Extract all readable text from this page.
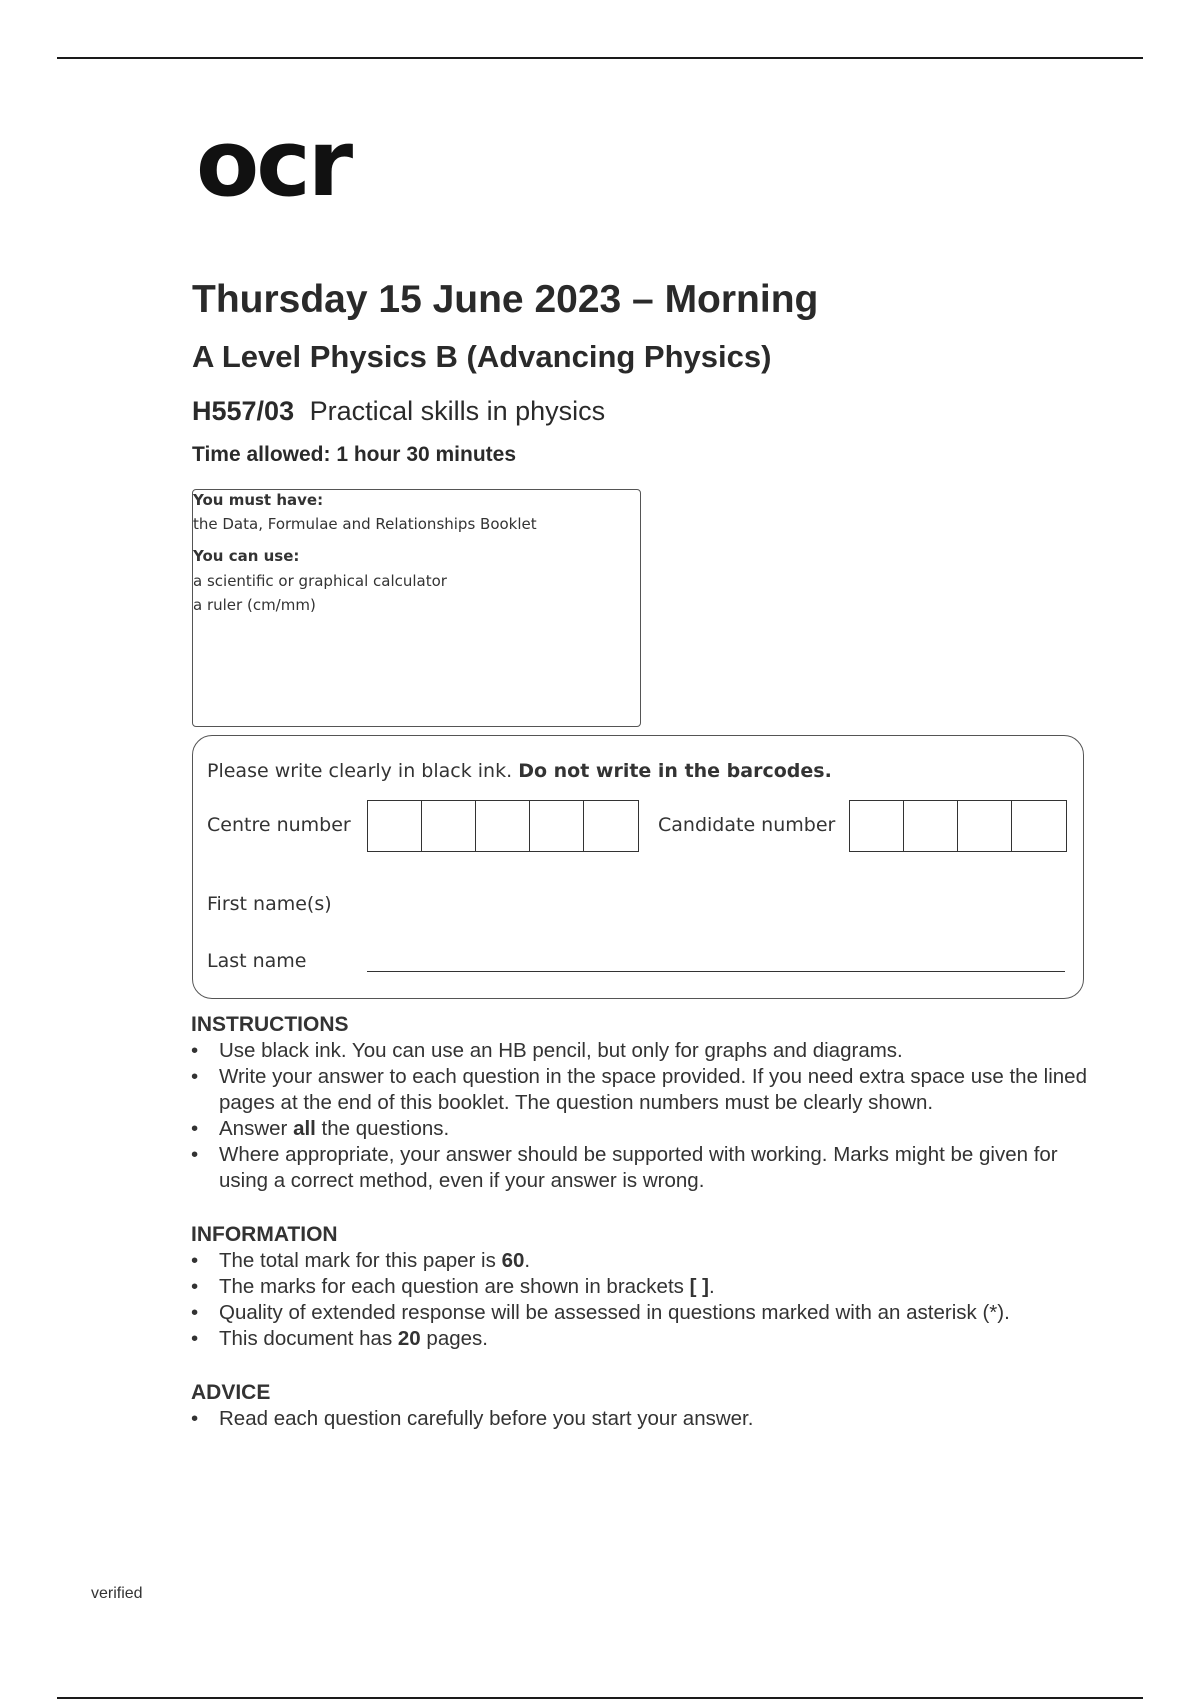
ocr
Thursday 15 June 2023 – Morning
A Level Physics B (Advancing Physics)
H557/03 Practical skills in physics
Time allowed: 1 hour 30 minutes
You must have:
the Data, Formulae and Relationships Booklet
You can use:
a scientific or graphical calculator
a ruler (cm/mm)
Please write clearly in black ink. Do not write in the barcodes.
Centre number	Candidate number
First name(s)
Last name
INSTRUCTIONS
• Use black ink. You can use an HB pencil, but only for graphs and diagrams.
• Write your answer to each question in the space provided. If you need extra space use the lined pages at the end of this booklet. The question numbers must be clearly shown.
• Answer all the questions.
• Where appropriate, your answer should be supported with working. Marks might be given for using a correct method, even if your answer is wrong.
INFORMATION
• The total mark for this paper is 60.
• The marks for each question are shown in brackets [ ].
• Quality of extended response will be assessed in questions marked with an asterisk (*).
• This document has 20 pages.
ADVICE
• Read each question carefully before you start your answer.
verified
